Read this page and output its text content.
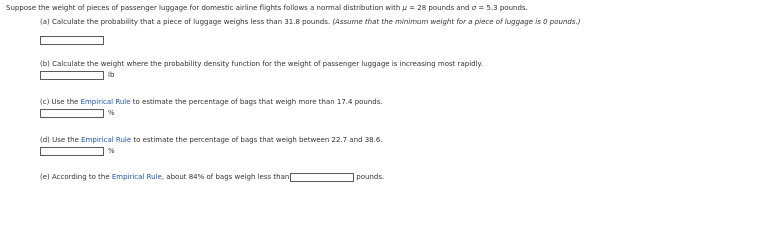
Suppose the weight of pieces of passenger luggage for domestic airline flights follows a normal distribution with μ = 28 pounds and σ = 5.3 pounds.
(a) Calculate the probability that a piece of luggage weighs less than 31.8 pounds. (Assume that the minimum weight for a piece of luggage is 0 pounds.)
(b) Calculate the weight where the probability density function for the weight of passenger luggage is increasing most rapidly.
lb
(c) Use the Empirical Rule to estimate the percentage of bags that weigh more than 17.4 pounds.
%
(d) Use the Empirical Rule to estimate the percentage of bags that weigh between 22.7 and 38.6.
%
(e) According to the Empirical Rule, about 84% of bags weigh less than	pounds.
